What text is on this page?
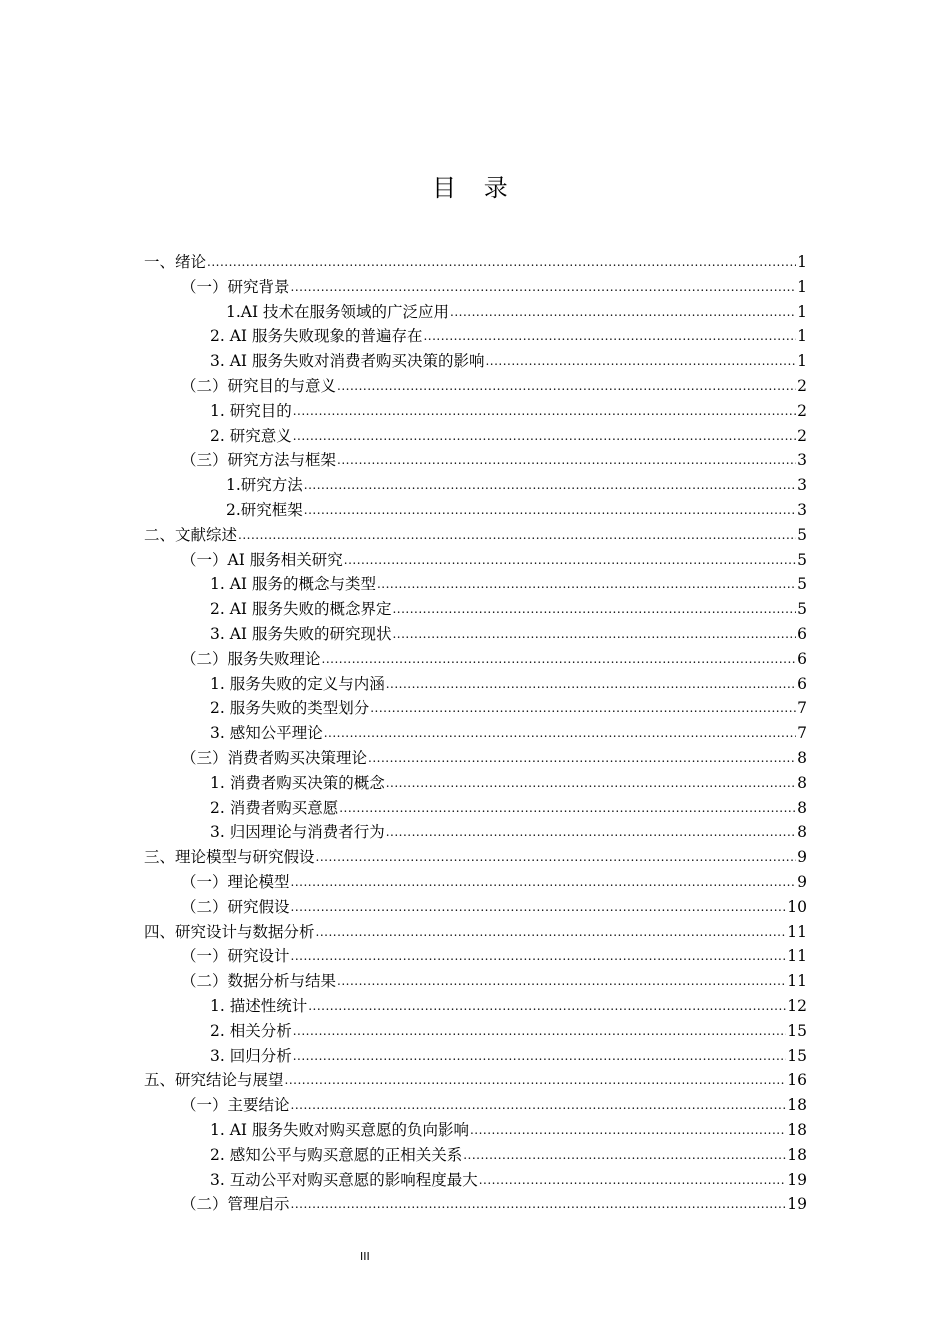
目 录
一、绪论 .....	1
（一）研究背景 .....	1
1.AI 技术在服务领域的广泛应用 .....	1
2. AI 服务失败现象的普遍存在 .....	1
3. AI 服务失败对消费者购买决策的影响 .....	1
（二）研究目的与意义 .....	2
1. 研究目的 .....	2
2. 研究意义 .....	2
（三）研究方法与框架 .....	3
1.研究方法 .....	3
2.研究框架 .....	3
二、文献综述 .....	5
（一）AI 服务相关研究 .....	5
1. AI 服务的概念与类型 .....	5
2. AI 服务失败的概念界定 .....	5
3. AI 服务失败的研究现状 .....	6
（二）服务失败理论 .....	6
1. 服务失败的定义与内涵 .....	6
2. 服务失败的类型划分 .....	7
3. 感知公平理论 .....	7
（三）消费者购买决策理论 .....	8
1. 消费者购买决策的概念 .....	8
2. 消费者购买意愿 .....	8
3. 归因理论与消费者行为 .....	8
三、理论模型与研究假设 .....	9
（一）理论模型 .....	9
（二）研究假设 .....	10
四、研究设计与数据分析 .....	11
（一）研究设计 .....	11
（二）数据分析与结果 .....	11
1. 描述性统计 .....	12
2. 相关分析 .....	15
3. 回归分析 .....	15
五、研究结论与展望 .....	16
（一）主要结论 .....	18
1. AI 服务失败对购买意愿的负向影响 .....	18
2. 感知公平与购买意愿的正相关关系 .....	18
3. 互动公平对购买意愿的影响程度最大 .....	19
（二）管理启示 .....	19
III
